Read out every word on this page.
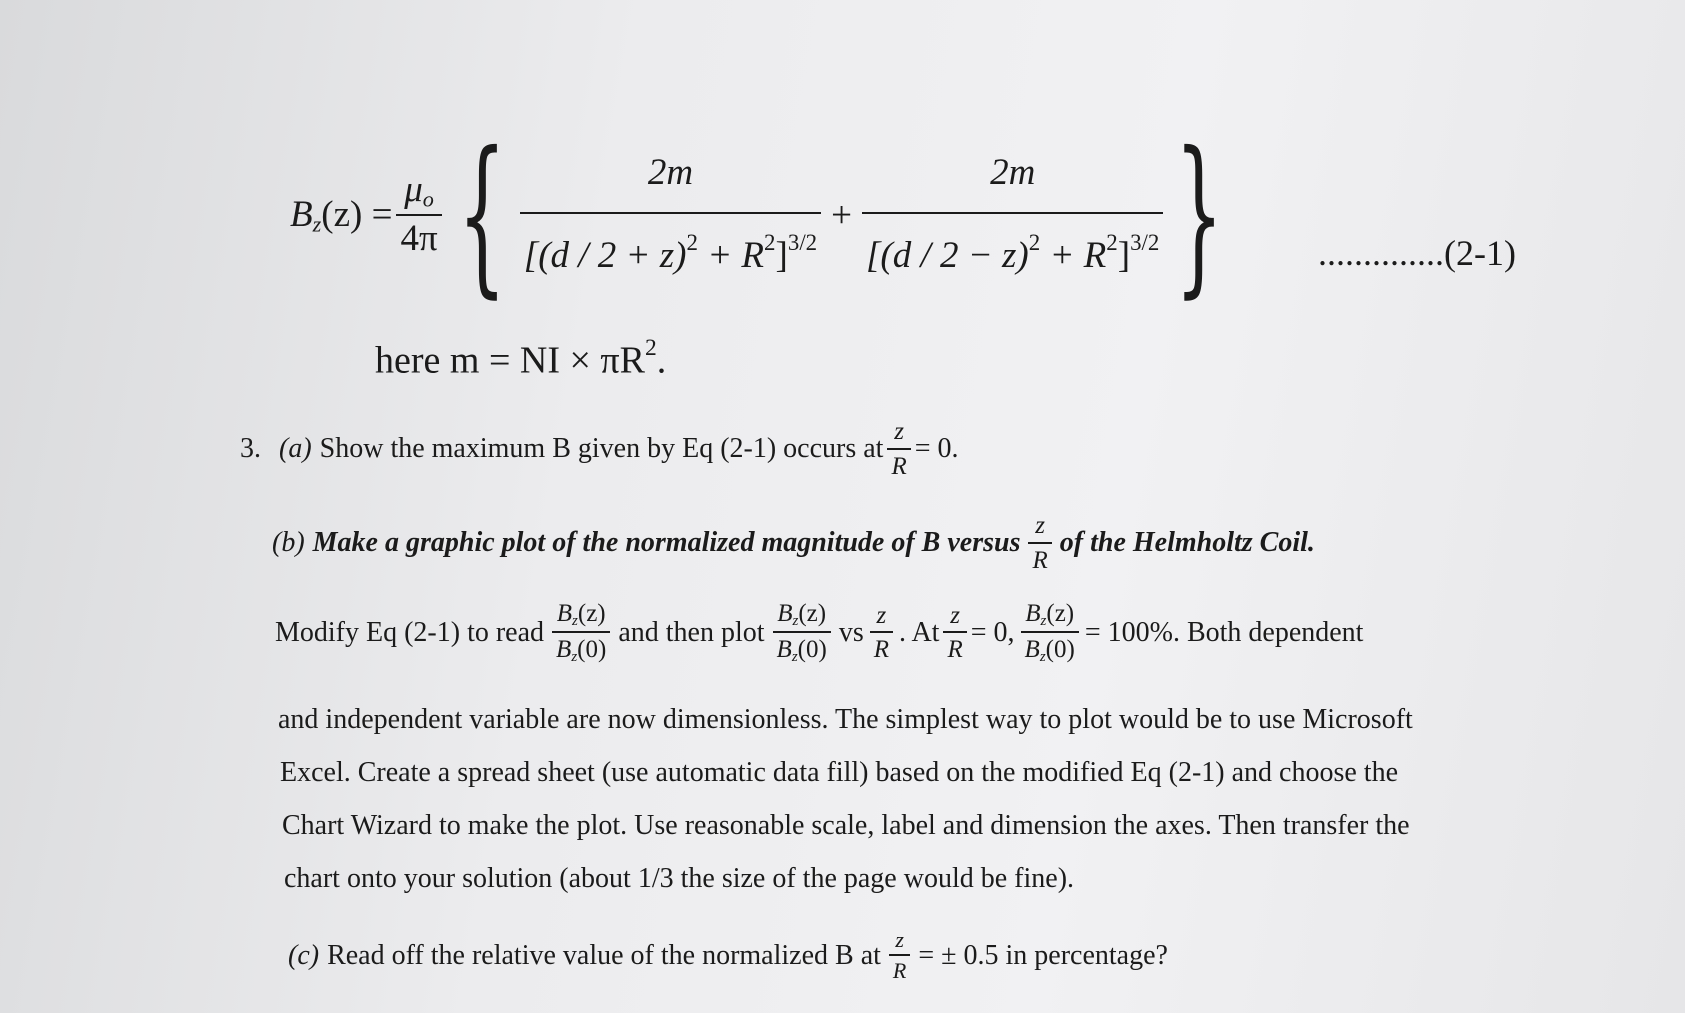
$B_z(z) = \frac{\mu_o}{4\pi}$ { $\frac{2m}{[(d / 2 + z)^2 + R^2]^{3/2}} + \frac{2m}{[(d / 2 - z)^2 + R^2]^{3/2}}$ }	..............(2-1)
here m = NI × $\pi R^2$.
3. (a) Show the maximum B given by Eq (2-1) occurs at $\frac{z}{R} = 0$.
(b) Make a graphic plot of the normalized magnitude of B versus $\frac{z}{R}$ of the Helmholtz Coil.
Modify Eq (2-1) to read $\frac{B_z(z)}{B_z(0)}$ and then plot $\frac{B_z(z)}{B_z(0)}$ vs $\frac{z}{R}$ . At $\frac{z}{R} = 0$, $\frac{B_z(z)}{B_z(0)} = 100\%$. Both dependent
and independent variable are now dimensionless. The simplest way to plot would be to use Microsoft
Excel. Create a spread sheet (use automatic data fill) based on the modified Eq (2-1) and choose the
Chart Wizard to make the plot. Use reasonable scale, label and dimension the axes. Then transfer the
chart onto your solution (about 1/3 the size of the page would be fine).
(c) Read off the relative value of the normalized B at $\frac{z}{R}$ = ± 0.5 in percentage?
